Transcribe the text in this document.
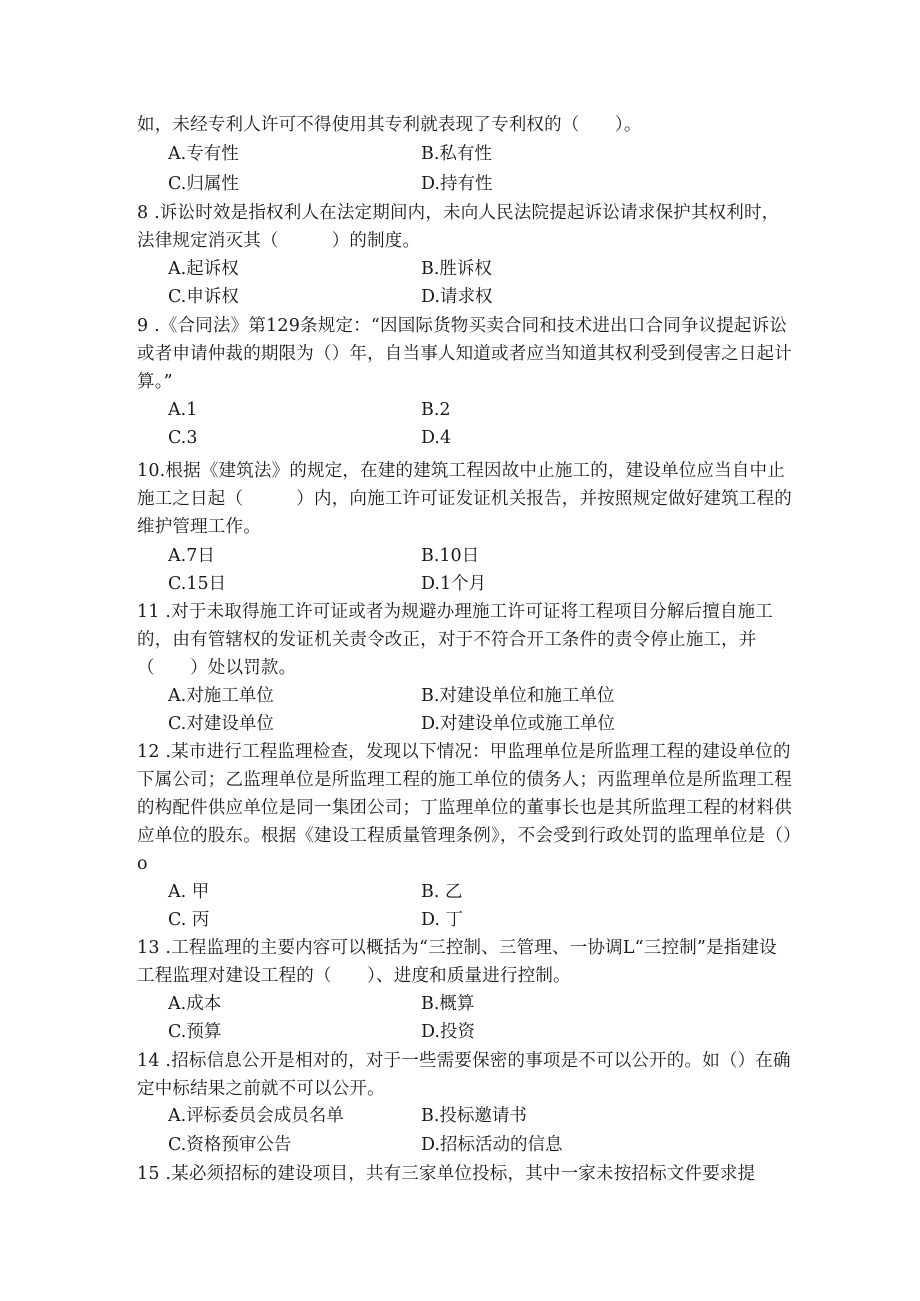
如，未经专利人许可不得使用其专利就表现了专利权的（　　）。

A.专有性	B.私有性
C.归属性	D.持有性

8 .诉讼时效是指权利人在法定期间内，未向人民法院提起诉讼请求保护其权利时，法律规定消灭其（　　　）的制度。

A.起诉权	B.胜诉权
C.申诉权	D.请求权

9 .《合同法》第129条规定：“因国际货物买卖合同和技术进出口合同争议提起诉讼或者申请仲裁的期限为（）年，自当事人知道或者应当知道其权利受到侵害之日起计算。”

A.1	B.2
C.3	D.4

10.根据《建筑法》的规定，在建的建筑工程因故中止施工的，建设单位应当自中止施工之日起（　　　）内，向施工许可证发证机关报告，并按照规定做好建筑工程的维护管理工作。

A.7日	B.10日
C.15日	D.1个月

11 .对于未取得施工许可证或者为规避办理施工许可证将工程项目分解后擅自施工的，由有管辖权的发证机关责令改正，对于不符合开工条件的责令停止施工，并（　　）处以罚款。

A.对施工单位	B.对建设单位和施工单位
C.对建设单位	D.对建设单位或施工单位

12 .某市进行工程监理检查，发现以下情况：甲监理单位是所监理工程的建设单位的下属公司；乙监理单位是所监理工程的施工单位的债务人；丙监理单位是所监理工程的构配件供应单位是同一集团公司；丁监理单位的董事长也是其所监理工程的材料供应单位的股东。根据《建设工程质量管理条例》，不会受到行政处罚的监理单位是（）o

A. 甲	B. 乙
C. 丙	D. 丁

13 .工程监理的主要内容可以概括为“三控制、三管理、一协调L“三控制”是指建设工程监理对建设工程的（　　）、进度和质量进行控制。

A.成本	B.概算
C.预算	D.投资

14 .招标信息公开是相对的，对于一些需要保密的事项是不可以公开的。如（）在确定中标结果之前就不可以公开。

A.评标委员会成员名单	B.投标邀请书
C.资格预审公告	D.招标活动的信息

15 .某必须招标的建设项目，共有三家单位投标，其中一家未按招标文件要求提
